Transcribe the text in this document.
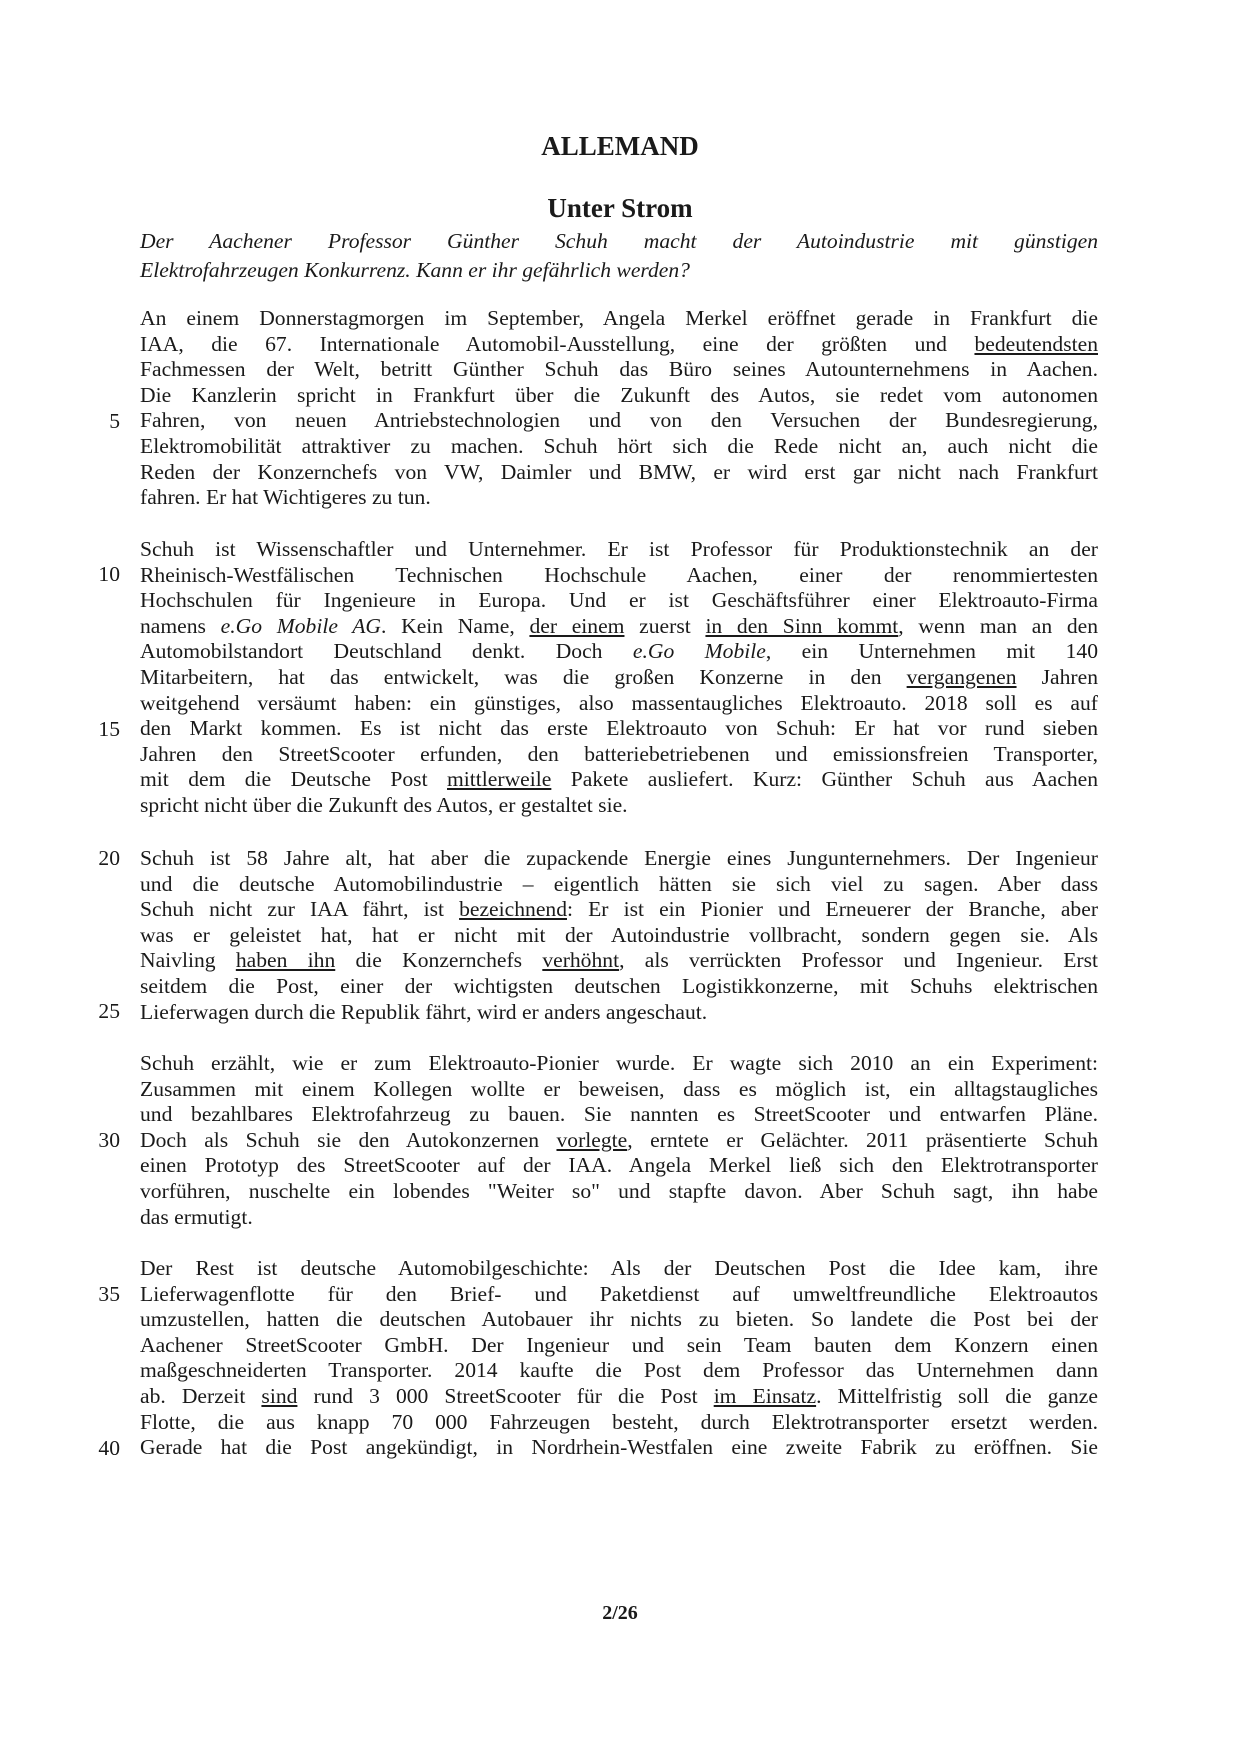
ALLEMAND
Unter Strom
Der Aachener Professor Günther Schuh macht der Autoindustrie mit günstigen
Elektrofahrzeugen Konkurrenz. Kann er ihr gefährlich werden?
An einem Donnerstagmorgen im September, Angela Merkel eröffnet gerade in Frankfurt die
IAA, die 67. Internationale Automobil-Ausstellung, eine der größten und bedeutendsten
Fachmessen der Welt, betritt Günther Schuh das Büro seines Autounternehmens in Aachen.
Die Kanzlerin spricht in Frankfurt über die Zukunft des Autos, sie redet vom autonomen
Fahren, von neuen Antriebstechnologien und von den Versuchen der Bundesregierung,
Elektromobilität attraktiver zu machen. Schuh hört sich die Rede nicht an, auch nicht die
Reden der Konzernchefs von VW, Daimler und BMW, er wird erst gar nicht nach Frankfurt
fahren. Er hat Wichtigeres zu tun.
Schuh ist Wissenschaftler und Unternehmer. Er ist Professor für Produktionstechnik an der
Rheinisch-Westfälischen Technischen Hochschule Aachen, einer der renommiertesten
Hochschulen für Ingenieure in Europa. Und er ist Geschäftsführer einer Elektroauto-Firma
namens e.Go Mobile AG. Kein Name, der einem zuerst in den Sinn kommt, wenn man an den
Automobilstandort Deutschland denkt. Doch e.Go Mobile, ein Unternehmen mit 140
Mitarbeitern, hat das entwickelt, was die großen Konzerne in den vergangenen Jahren
weitgehend versäumt haben: ein günstiges, also massentaugliches Elektroauto. 2018 soll es auf
den Markt kommen. Es ist nicht das erste Elektroauto von Schuh: Er hat vor rund sieben
Jahren den StreetScooter erfunden, den batteriebetriebenen und emissionsfreien Transporter,
mit dem die Deutsche Post mittlerweile Pakete ausliefert. Kurz: Günther Schuh aus Aachen
spricht nicht über die Zukunft des Autos, er gestaltet sie.
Schuh ist 58 Jahre alt, hat aber die zupackende Energie eines Jungunternehmers. Der Ingenieur
und die deutsche Automobilindustrie – eigentlich hätten sie sich viel zu sagen. Aber dass
Schuh nicht zur IAA fährt, ist bezeichnend: Er ist ein Pionier und Erneuerer der Branche, aber
was er geleistet hat, hat er nicht mit der Autoindustrie vollbracht, sondern gegen sie. Als
Naivling haben ihn die Konzernchefs verhöhnt, als verrückten Professor und Ingenieur. Erst
seitdem die Post, einer der wichtigsten deutschen Logistikkonzerne, mit Schuhs elektrischen
Lieferwagen durch die Republik fährt, wird er anders angeschaut.
Schuh erzählt, wie er zum Elektroauto-Pionier wurde. Er wagte sich 2010 an ein Experiment:
Zusammen mit einem Kollegen wollte er beweisen, dass es möglich ist, ein alltagstaugliches
und bezahlbares Elektrofahrzeug zu bauen. Sie nannten es StreetScooter und entwarfen Pläne.
Doch als Schuh sie den Autokonzernen vorlegte, erntete er Gelächter. 2011 präsentierte Schuh
einen Prototyp des StreetScooter auf der IAA. Angela Merkel ließ sich den Elektrotransporter
vorführen, nuschelte ein lobendes "Weiter so" und stapfte davon. Aber Schuh sagt, ihn habe
das ermutigt.
Der Rest ist deutsche Automobilgeschichte: Als der Deutschen Post die Idee kam, ihre
Lieferwagenflotte für den Brief- und Paketdienst auf umweltfreundliche Elektroautos
umzustellen, hatten die deutschen Autobauer ihr nichts zu bieten. So landete die Post bei der
Aachener StreetScooter GmbH. Der Ingenieur und sein Team bauten dem Konzern einen
maßgeschneiderten Transporter. 2014 kaufte die Post dem Professor das Unternehmen dann
ab. Derzeit sind rund 3 000 StreetScooter für die Post im Einsatz. Mittelfristig soll die ganze
Flotte, die aus knapp 70 000 Fahrzeugen besteht, durch Elektrotransporter ersetzt werden.
Gerade hat die Post angekündigt, in Nordrhein-Westfalen eine zweite Fabrik zu eröffnen. Sie
5
10
15
20
25
30
35
40
2/26
